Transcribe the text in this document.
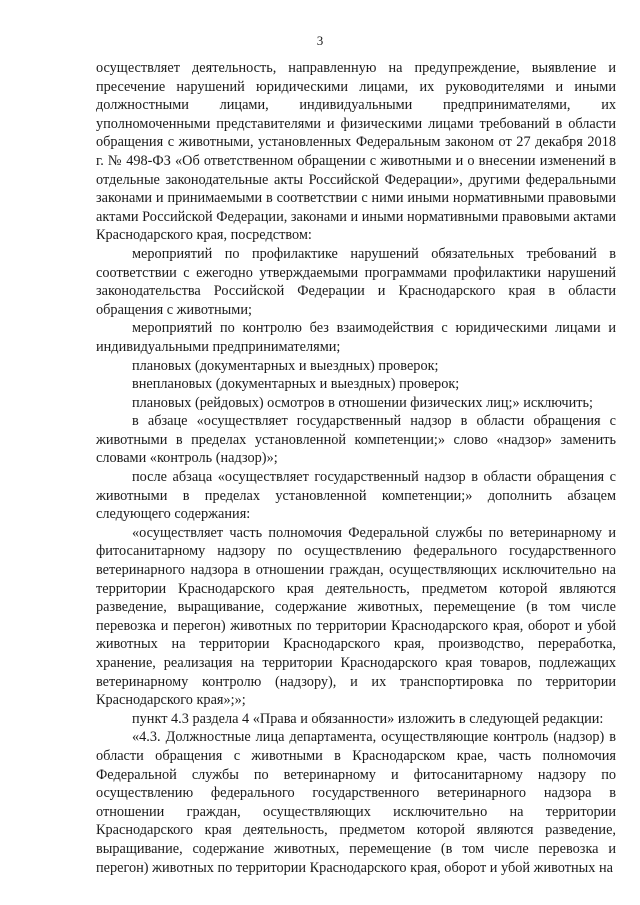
3

осуществляет деятельность, направленную на предупреждение, выявление и пресечение нарушений юридическими лицами, их руководителями и иными должностными лицами, индивидуальными предпринимателями, их уполномоченными представителями и физическими лицами требований в области обращения с животными, установленных Федеральным законом от 27 декабря 2018 г. № 498-ФЗ «Об ответственном обращении с животными и о внесении изменений в отдельные законодательные акты Российской Федерации», другими федеральными законами и принимаемыми в соответствии с ними иными нормативными правовыми актами Российской Федерации, законами и иными нормативными правовыми актами Краснодарского края, посредством:

мероприятий по профилактике нарушений обязательных требований в соответствии с ежегодно утверждаемыми программами профилактики нарушений законодательства Российской Федерации и Краснодарского края в области обращения с животными;

мероприятий по контролю без взаимодействия с юридическими лицами и индивидуальными предпринимателями;

плановых (документарных и выездных) проверок;

внеплановых (документарных и выездных) проверок;

плановых (рейдовых) осмотров в отношении физических лиц;» исключить;

в абзаце «осуществляет государственный надзор в области обращения с животными в пределах установленной компетенции;» слово «надзор» заменить словами «контроль (надзор)»;

после абзаца «осуществляет государственный надзор в области обращения с животными в пределах установленной компетенции;» дополнить абзацем следующего содержания:

«осуществляет часть полномочия Федеральной службы по ветеринарному и фитосанитарному надзору по осуществлению федерального государственного ветеринарного надзора в отношении граждан, осуществляющих исключительно на территории Краснодарского края деятельность, предметом которой являются разведение, выращивание, содержание животных, перемещение (в том числе перевозка и перегон) животных по территории Краснодарского края, оборот и убой животных на территории Краснодарского края, производство, переработка, хранение, реализация на территории Краснодарского края товаров, подлежащих ветеринарному контролю (надзору), и их транспортировка по территории Краснодарского края»;»;

пункт 4.3 раздела 4 «Права и обязанности» изложить в следующей редакции:

«4.3. Должностные лица департамента, осуществляющие контроль (надзор) в области обращения с животными в Краснодарском крае, часть полномочия Федеральной службы по ветеринарному и фитосанитарному надзору по осуществлению федерального государственного ветеринарного надзора в отношении граждан, осуществляющих исключительно на территории Краснодарского края деятельность, предметом которой являются разведение, выращивание, содержание животных, перемещение (в том числе перевозка и перегон) животных по территории Краснодарского края, оборот и убой животных на
